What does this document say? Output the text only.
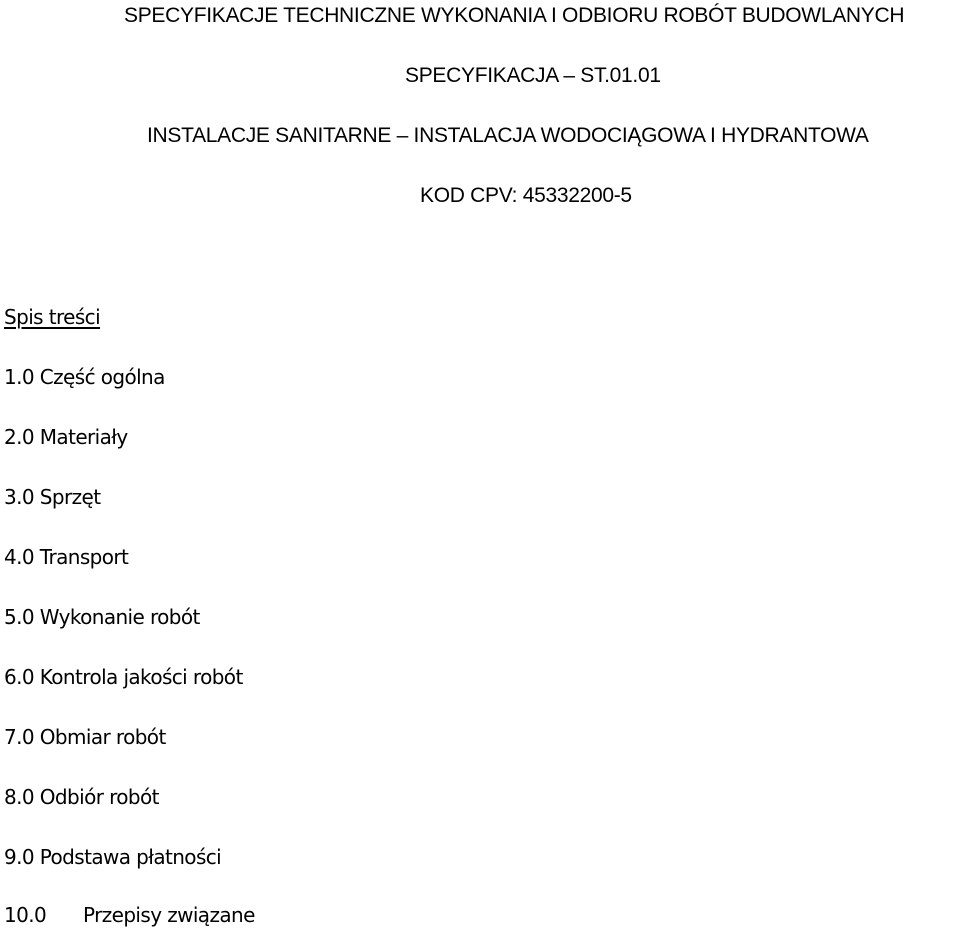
SPECYFIKACJE TECHNICZNE WYKONANIA I ODBIORU ROBÓT BUDOWLANYCH
SPECYFIKACJA – ST.01.01
INSTALACJE SANITARNE – INSTALACJA WODOCIĄGOWA I HYDRANTOWA
KOD CPV: 45332200-5
Spis treści
1.0 Część ogólna
2.0 Materiały
3.0 Sprzęt
4.0 Transport
5.0 Wykonanie robót
6.0 Kontrola jakości robót
7.0 Obmiar robót
8.0 Odbiór robót
9.0 Podstawa płatności
10.0 Przepisy związane
